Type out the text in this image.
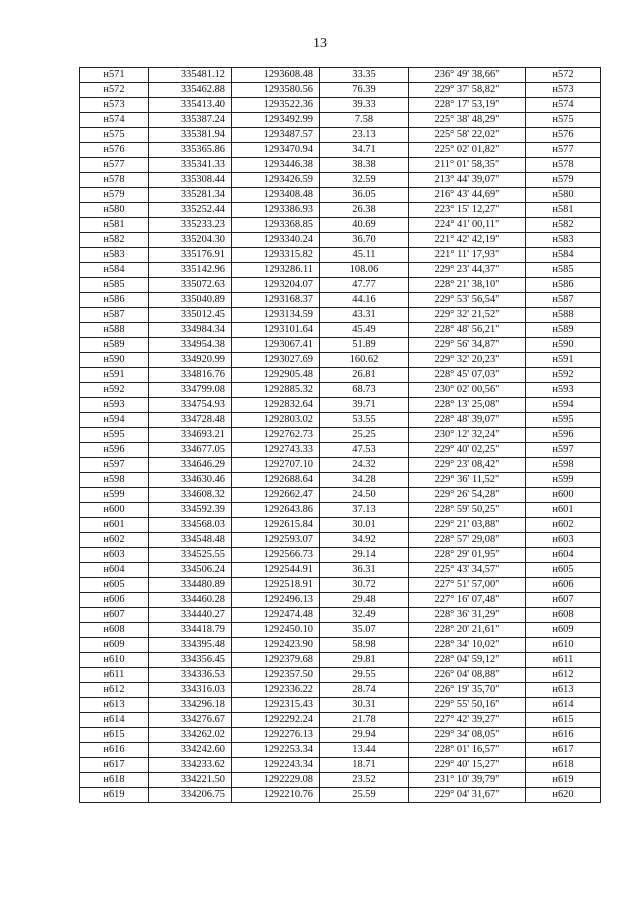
13
н571	335481.12	1293608.48	33.35	236° 49' 38,66"	н572
н572	335462.88	1293580.56	76.39	229° 37' 58,82"	н573
н573	335413.40	1293522.36	39.33	228° 17' 53,19"	н574
н574	335387.24	1293492.99	7.58	225° 38' 48,29"	н575
н575	335381.94	1293487.57	23.13	225° 58' 22,02"	н576
н576	335365.86	1293470.94	34.71	225° 02' 01,82"	н577
н577	335341.33	1293446.38	38.38	211° 01' 58,35"	н578
н578	335308.44	1293426.59	32.59	213° 44' 39,07"	н579
н579	335281.34	1293408.48	36.05	216° 43' 44,69"	н580
н580	335252.44	1293386.93	26.38	223° 15' 12,27"	н581
н581	335233.23	1293368.85	40.69	224° 41' 00,11"	н582
н582	335204.30	1293340.24	36.70	221° 42' 42,19"	н583
н583	335176.91	1293315.82	45.11	221° 11' 17,93"	н584
н584	335142.96	1293286.11	108.06	229° 23' 44,37"	н585
н585	335072.63	1293204.07	47.77	228° 21' 38,10"	н586
н586	335040.89	1293168.37	44.16	229° 53' 56,54"	н587
н587	335012.45	1293134.59	43.31	229° 32' 21,52"	н588
н588	334984.34	1293101.64	45.49	228° 48' 56,21"	н589
н589	334954.38	1293067.41	51.89	229° 56' 34,87"	н590
н590	334920.99	1293027.69	160.62	229° 32' 20,23"	н591
н591	334816.76	1292905.48	26.81	228° 45' 07,03"	н592
н592	334799.08	1292885.32	68.73	230° 02' 00,56"	н593
н593	334754.93	1292832.64	39.71	228° 13' 25,08"	н594
н594	334728.48	1292803.02	53.55	228° 48' 39,07"	н595
н595	334693.21	1292762.73	25.25	230° 12' 32,24"	н596
н596	334677.05	1292743.33	47.53	229° 40' 02,25"	н597
н597	334646.29	1292707.10	24.32	229° 23' 08,42"	н598
н598	334630.46	1292688.64	34.28	229° 36' 11,52"	н599
н599	334608.32	1292662.47	24.50	229° 26' 54,28"	н600
н600	334592.39	1292643.86	37.13	228° 59' 50,25"	н601
н601	334568.03	1292615.84	30.01	229° 21' 03,88"	н602
н602	334548.48	1292593.07	34.92	228° 57' 29,08"	н603
н603	334525.55	1292566.73	29.14	228° 29' 01,95"	н604
н604	334506.24	1292544.91	36.31	225° 43' 34,57"	н605
н605	334480.89	1292518.91	30.72	227° 51' 57,00"	н606
н606	334460.28	1292496.13	29.48	227° 16' 07,48"	н607
н607	334440.27	1292474.48	32.49	228° 36' 31,29"	н608
н608	334418.79	1292450.10	35.07	228° 20' 21,61"	н609
н609	334395.48	1292423.90	58.98	228° 34' 10,02"	н610
н610	334356.45	1292379.68	29.81	228° 04' 59,12"	н611
н611	334336.53	1292357.50	29.55	226° 04' 08,88"	н612
н612	334316.03	1292336.22	28.74	226° 19' 35,70"	н613
н613	334296.18	1292315.43	30.31	229° 55' 50,16"	н614
н614	334276.67	1292292.24	21.78	227° 42' 39,27"	н615
н615	334262.02	1292276.13	29.94	229° 34' 08,05"	н616
н616	334242.60	1292253.34	13.44	228° 01' 16,57"	н617
н617	334233.62	1292243.34	18.71	229° 40' 15,27"	н618
н618	334221.50	1292229.08	23.52	231° 10' 39,79"	н619
н619	334206.75	1292210.76	25.59	229° 04' 31,67"	н620
